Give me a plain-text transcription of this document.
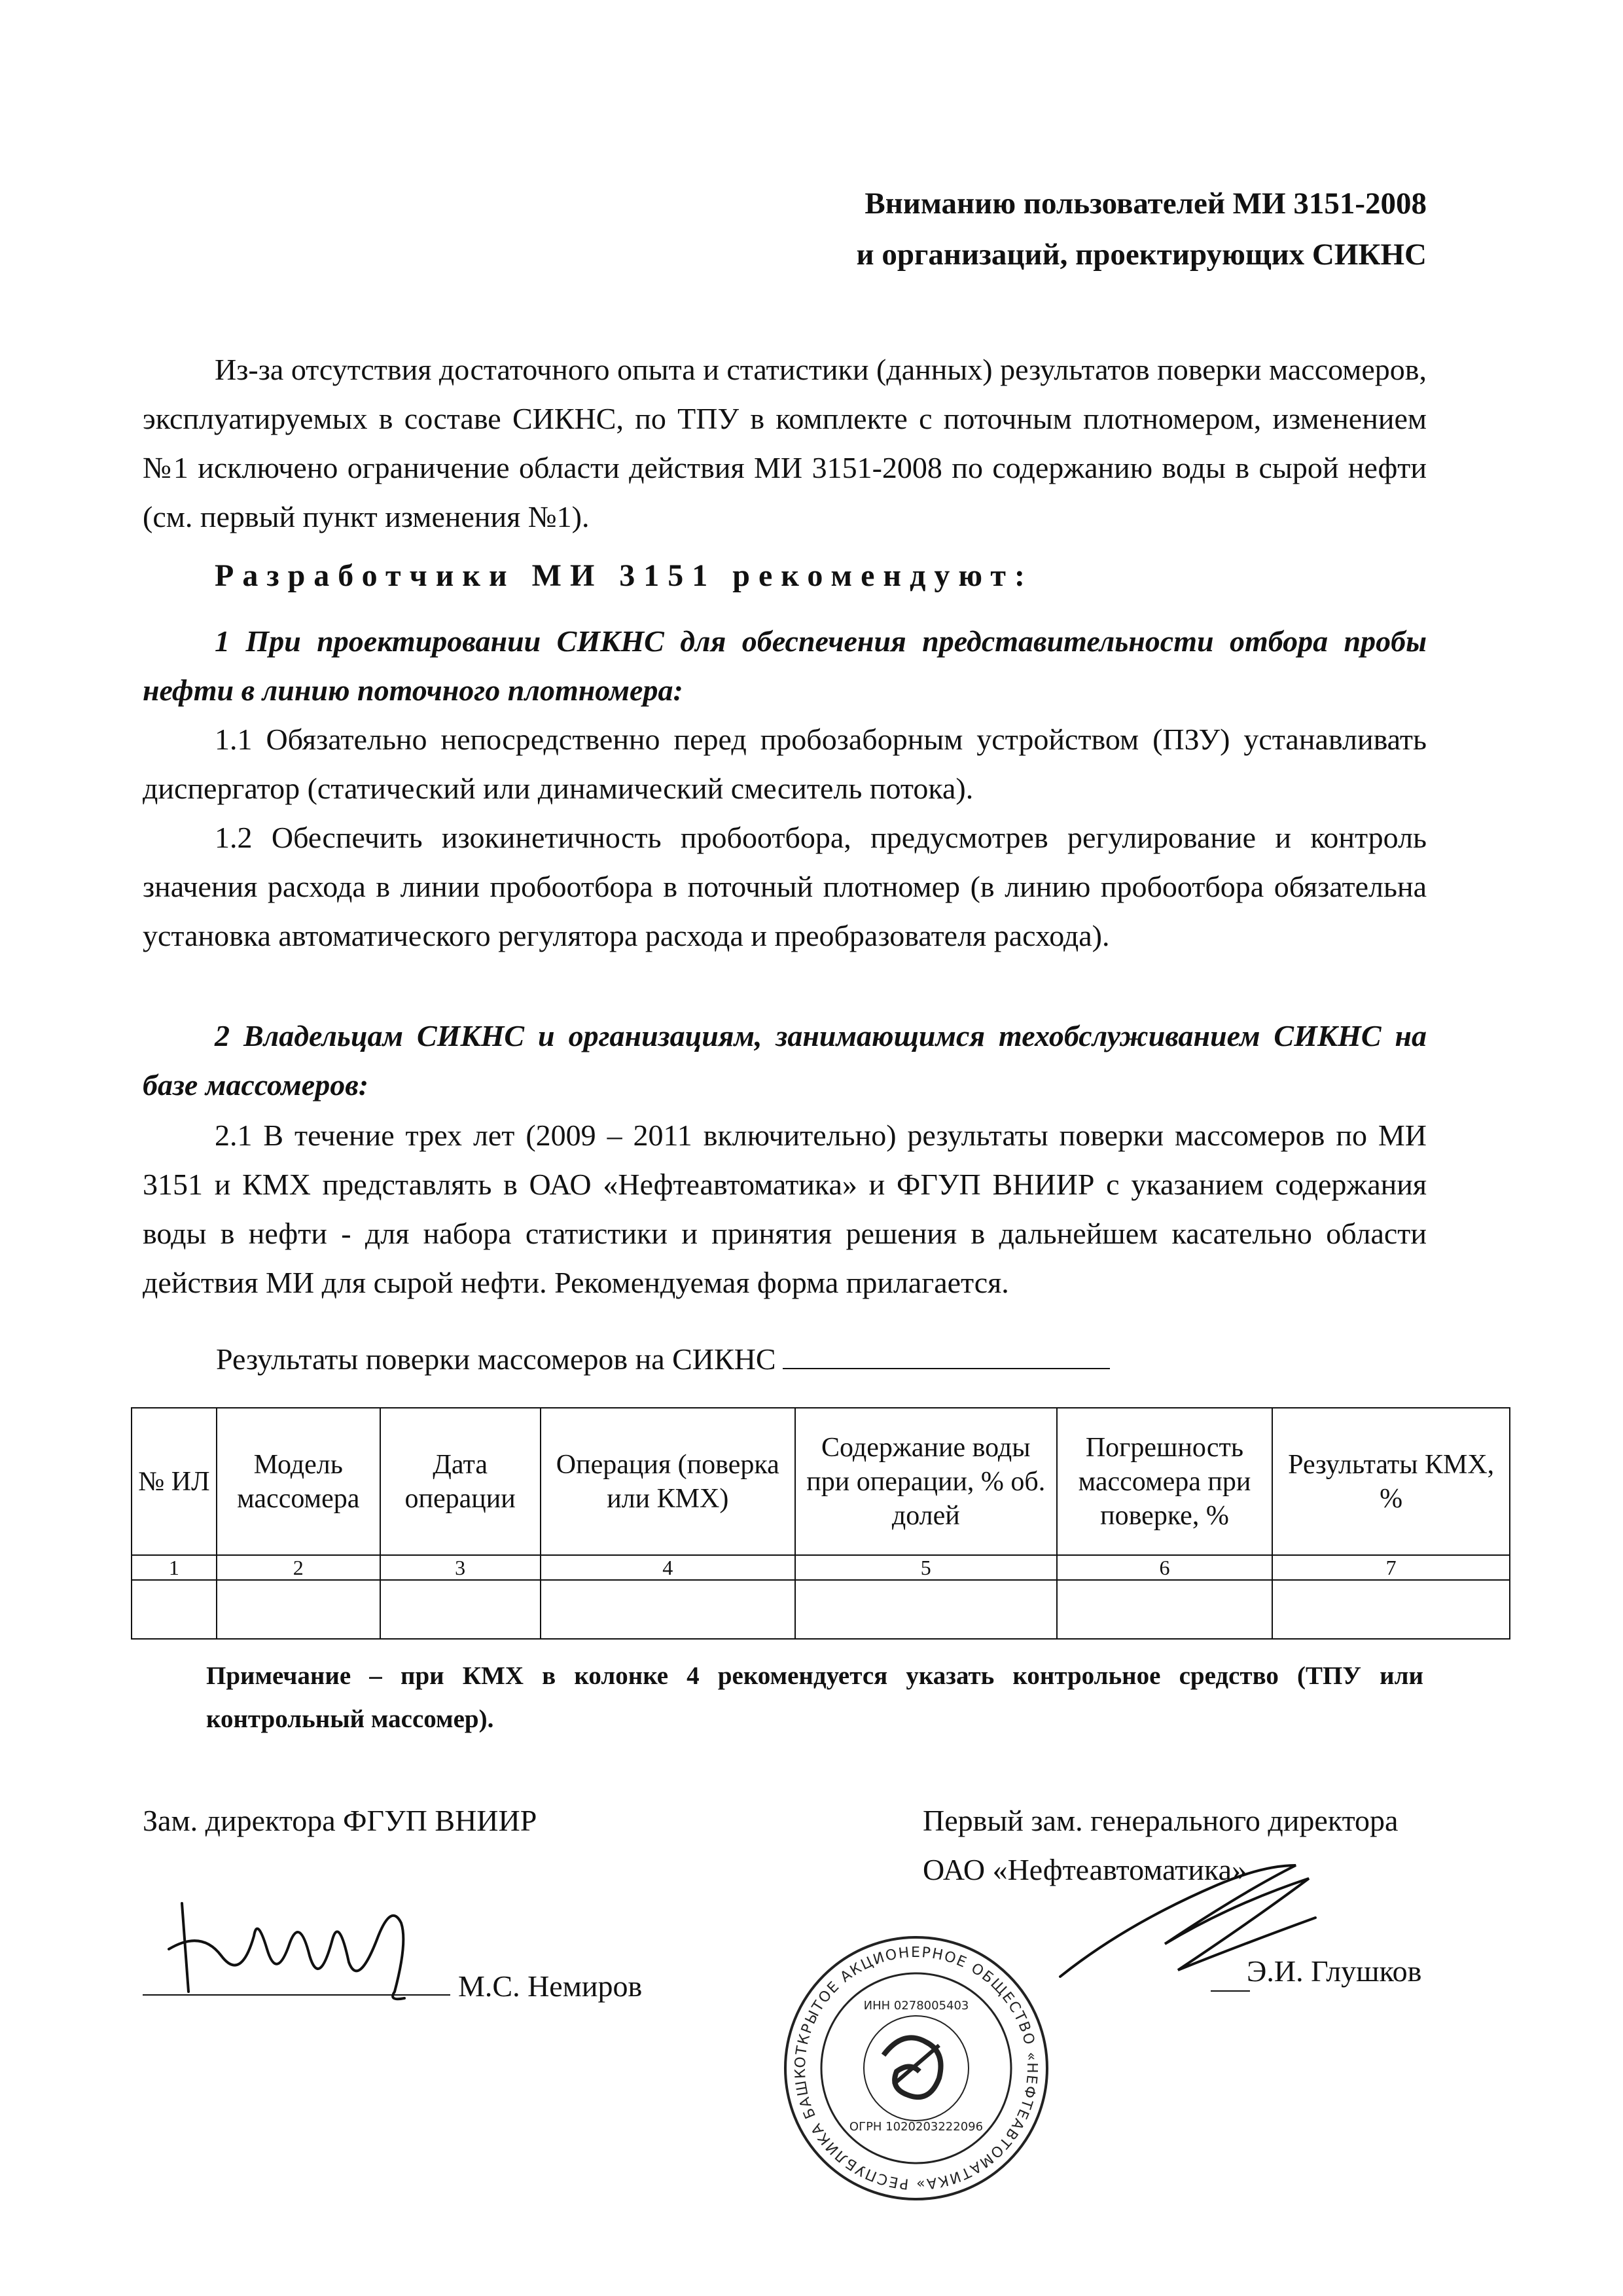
Вниманию пользователей МИ 3151-2008
и организаций, проектирующих СИКНС
Из-за отсутствия достаточного опыта и статистики (данных) результатов поверки массомеров, эксплуатируемых в составе СИКНС, по ТПУ в комплекте с поточным плотномером, изменением №1 исключено ограничение области действия МИ 3151-2008 по содержанию воды в сырой нефти (см. первый пункт изменения №1).
Разработчики МИ 3151 рекомендуют:
1 При проектировании СИКНС для обеспечения представительности отбора пробы нефти в линию поточного плотномера:
1.1 Обязательно непосредственно перед пробозаборным устройством (ПЗУ) устанавливать диспергатор (статический или динамический смеситель потока).
1.2 Обеспечить изокинетичность пробоотбора, предусмотрев регулирование и контроль значения расхода в линии пробоотбора в поточный плотномер (в линию пробоотбора обязательна установка автоматического регулятора расхода и преобразователя расхода).
2 Владельцам СИКНС и организациям, занимающимся техобслуживанием СИКНС на базе массомеров:
2.1 В течение трех лет (2009 – 2011 включительно) результаты поверки массомеров по МИ 3151 и КМХ представлять в ОАО «Нефтеавтоматика» и ФГУП ВНИИР с указанием содержания воды в нефти - для набора статистики и принятия решения в дальнейшем касательно области действия МИ для сырой нефти. Рекомендуемая форма прилагается.
Результаты поверки массомеров на СИКНС
№ ИЛ	Модель массомера	Дата операции	Операция (поверка или КМХ)	Содержание воды при операции, % об. долей	Погрешность массомера при поверке, %	Результаты КМХ, %
1	2	3	4	5	6	7

Примечание – при КМХ в колонке 4 рекомендуется указать контрольное средство (ТПУ или контрольный массомер).
Зам. директора ФГУП ВНИИР
М.С. Немиров
Первый зам. генерального директора
ОАО «Нефтеавтоматика»
Э.И. Глушков
ОТКРЫТОЕ АКЦИОНЕРНОЕ ОБЩЕСТВО «НЕФТЕАВТОМАТИКА» РЕСПУБЛИКА БАШК
ИНН 0278005403
ОГРН 1020203222096
